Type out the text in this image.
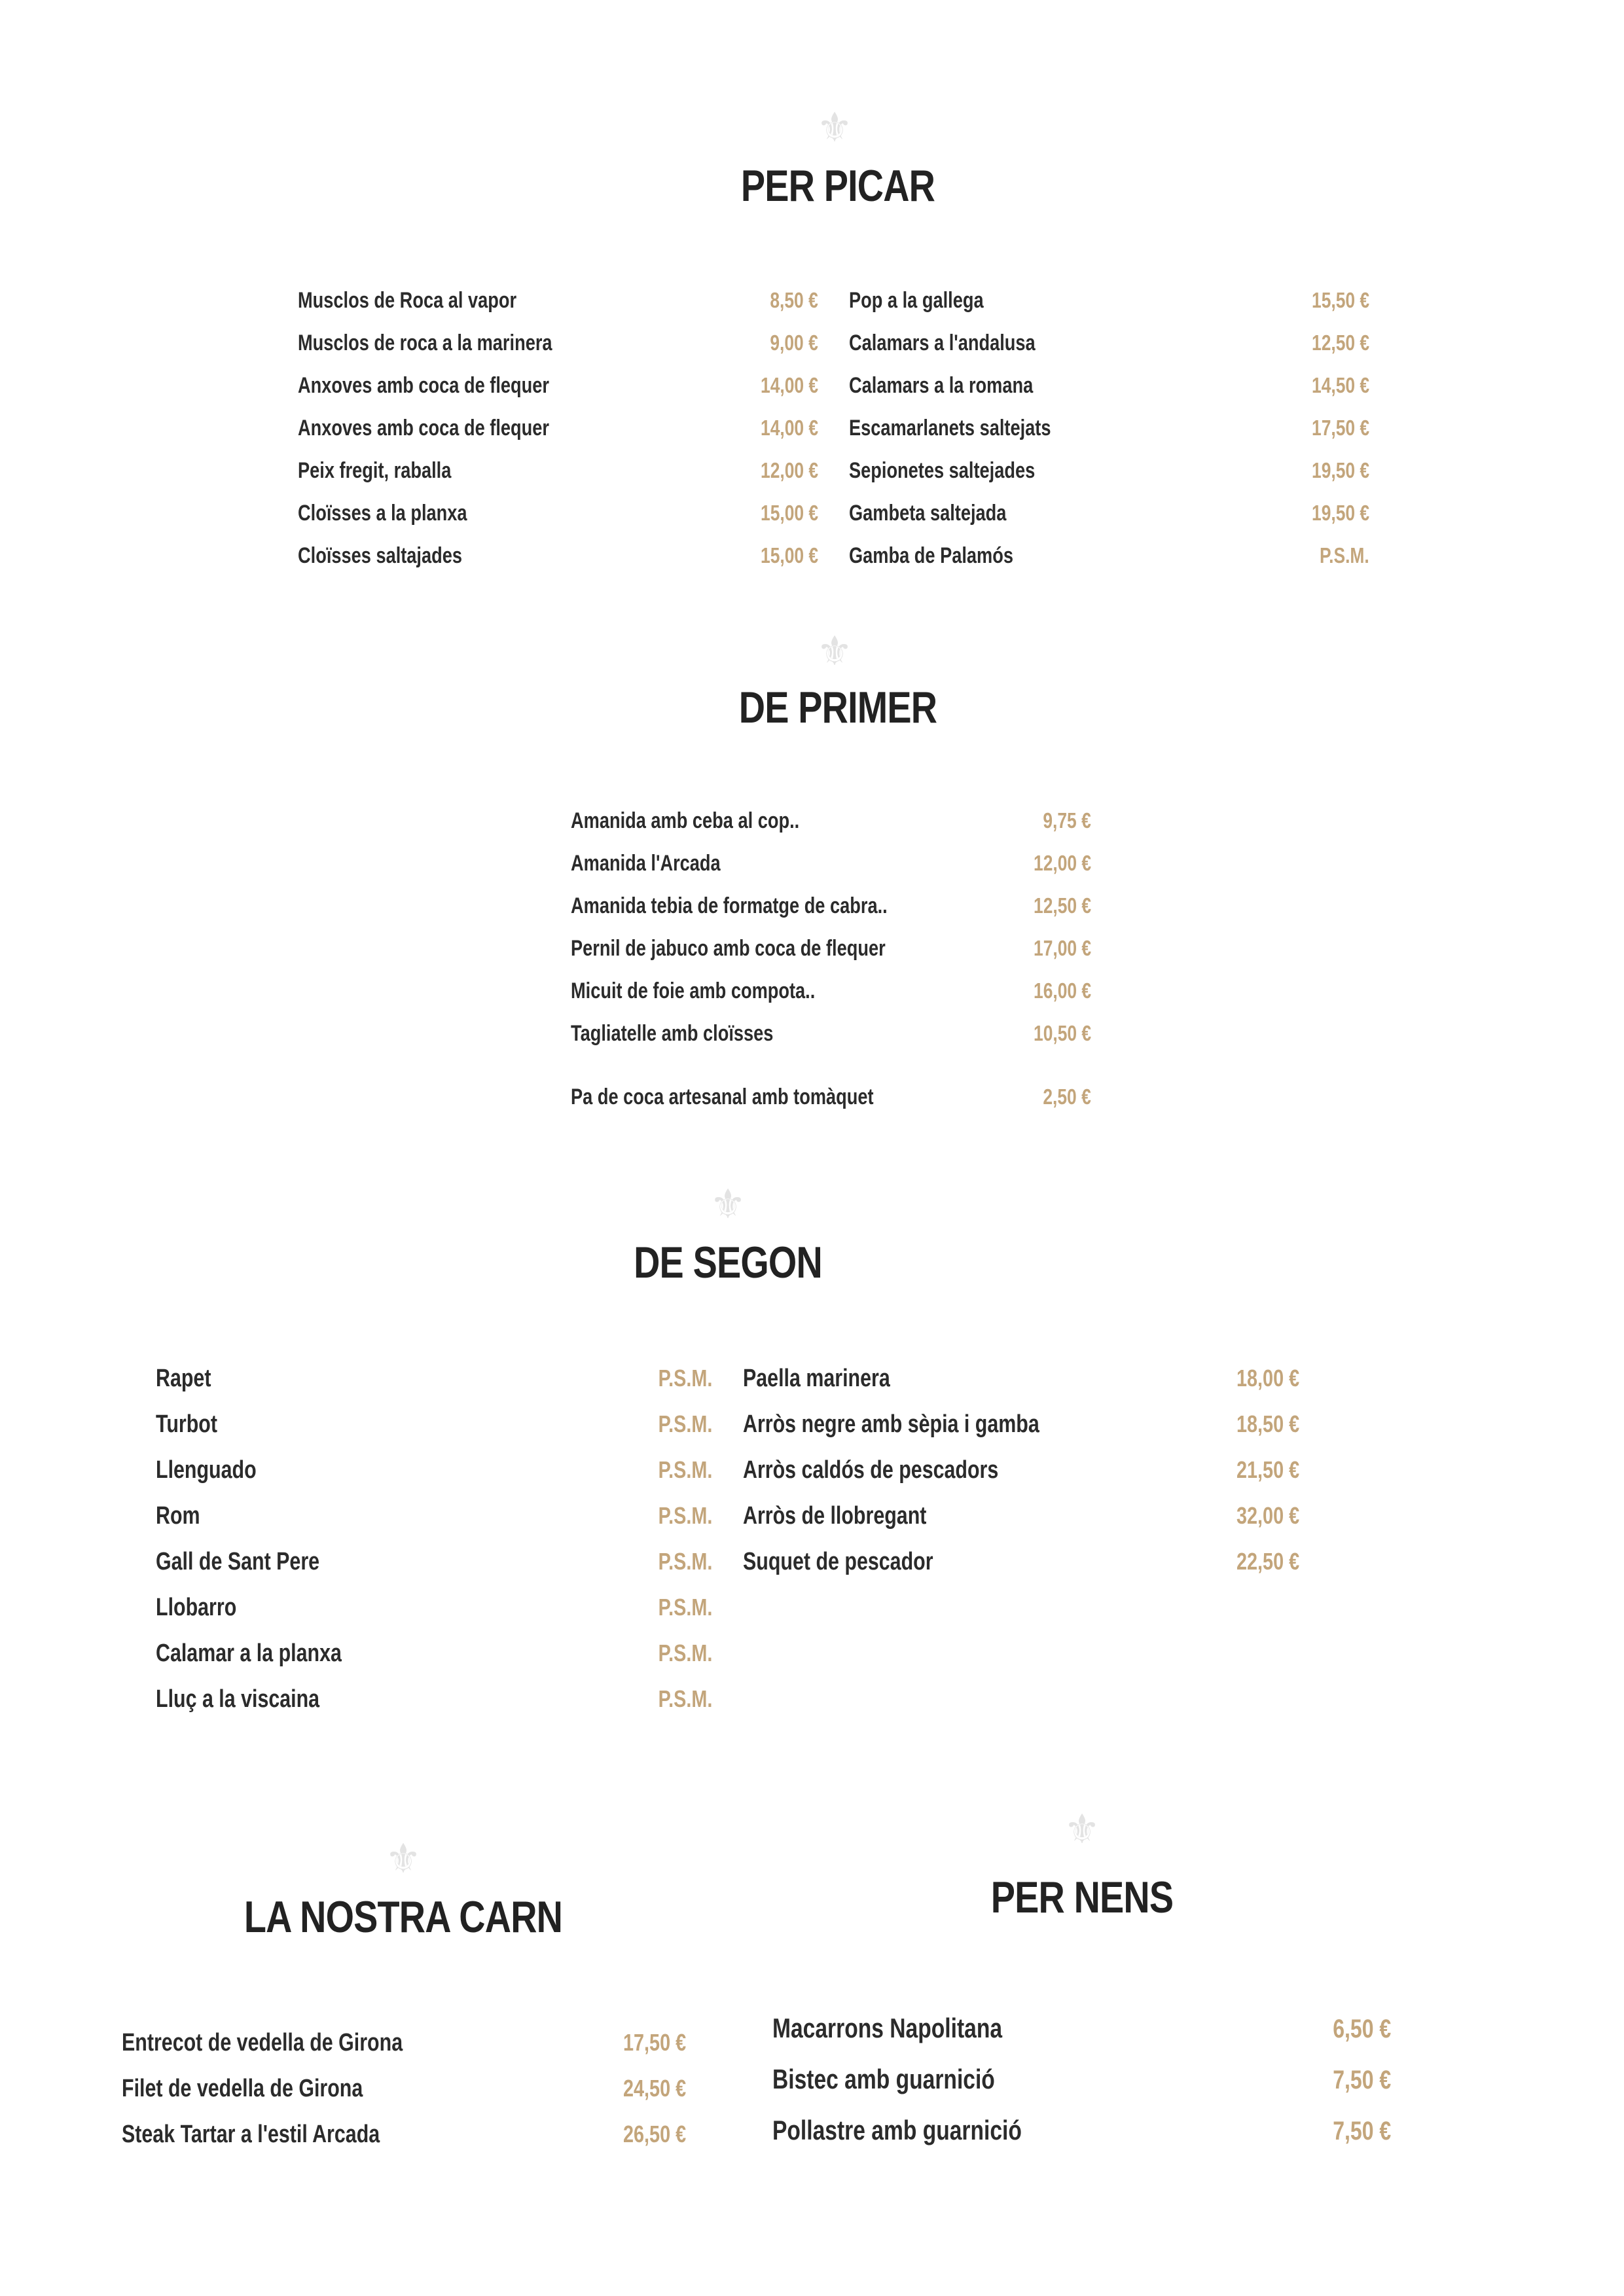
⚜
PER PICAR
Musclos de Roca al vapor	8,50 €
Musclos de roca a la marinera	9,00 €
Anxoves amb coca de flequer	14,00 €
Anxoves amb coca de flequer	14,00 €
Peix fregit, raballa	12,00 €
Cloïsses a la planxa	15,00 €
Cloïsses saltajades	15,00 €
Pop a la gallega	15,50 €
Calamars a l'andalusa	12,50 €
Calamars a la romana	14,50 €
Escamarlanets saltejats	17,50 €
Sepionetes saltejades	19,50 €
Gambeta saltejada	19,50 €
Gamba de Palamós	P.S.M.
⚜
DE PRIMER
Amanida amb ceba al cop..	9,75 €
Amanida l'Arcada	12,00 €
Amanida tebia de formatge de cabra..	12,50 €
Pernil de jabuco amb coca de flequer	17,00 €
Micuit de foie amb compota..	16,00 €
Tagliatelle amb cloïsses	10,50 €
Pa de coca artesanal amb tomàquet	2,50 €
⚜
DE SEGON
Rapet	P.S.M.
Turbot	P.S.M.
Llenguado	P.S.M.
Rom	P.S.M.
Gall de Sant Pere	P.S.M.
Llobarro	P.S.M.
Calamar a la planxa	P.S.M.
Lluç a la viscaina	P.S.M.
Paella marinera	18,00 €
Arròs negre amb sèpia i gamba	18,50 €
Arròs caldós de pescadors	21,50 €
Arròs de llobregant	32,00 €
Suquet de pescador	22,50 €
⚜
LA NOSTRA CARN
Entrecot de vedella de Girona	17,50 €
Filet de vedella de Girona	24,50 €
Steak Tartar a l'estil Arcada	26,50 €
⚜
PER NENS
Macarrons Napolitana	6,50 €
Bistec amb guarnició	7,50 €
Pollastre amb guarnició	7,50 €
